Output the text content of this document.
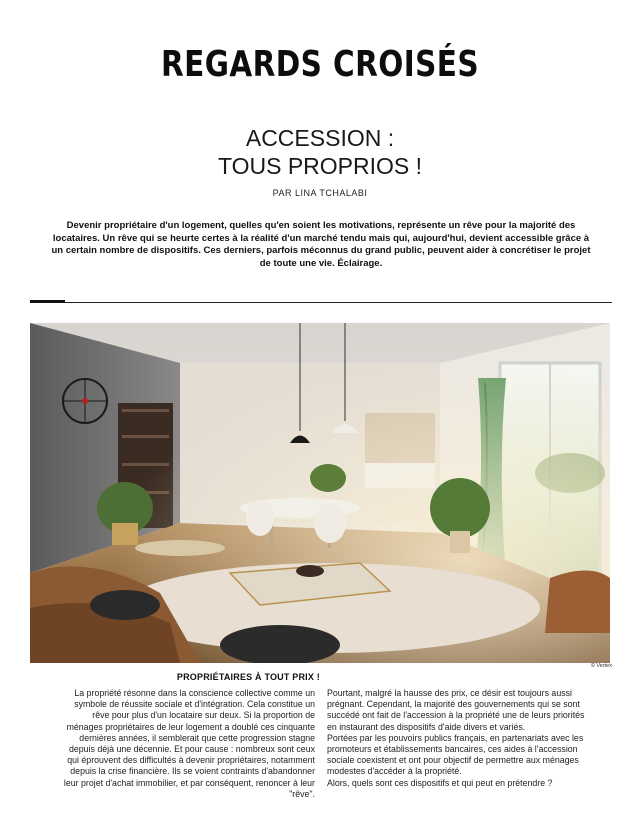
REGARDS CROISÉS
ACCESSION :
TOUS PROPRIOS !
PAR LINA TCHALABI
Devenir propriétaire d'un logement, quelles qu'en soient les motivations, représente un rêve pour la majorité des locataires. Un rêve qui se heurte certes à la réalité d'un marché tendu mais qui, aujourd'hui, devient accessible grâce à un certain nombre de dispositifs. Ces derniers, parfois méconnus du grand public, peuvent aider à concrétiser le projet de toute une vie. Éclairage.
© Vertex
PROPRIÉTAIRES À TOUT PRIX !
La propriété résonne dans la conscience collective comme un symbole de réussite sociale et d'intégration. Cela constitue un rêve pour plus d'un locataire sur deux. Si la proportion de ménages propriétaires de leur logement a doublé ces cinquante dernières années, il semblerait que cette progression stagne depuis déjà une décennie. Et pour cause : nombreux sont ceux qui éprouvent des difficultés à devenir propriétaires, notamment depuis la crise financière. Ils se voient contraints d'abandonner leur projet d'achat immobilier, et par conséquent, renoncer à leur "rêve".

Pourtant, malgré la hausse des prix, ce désir est toujours aussi prégnant. Cependant, la majorité des gouvernements qui se sont succédé ont fait de l'accession à la propriété une de leurs priorités en instaurant des dispositifs d'aide divers et variés.

Portées par les pouvoirs publics français, en partenariats avec les promoteurs et établissements bancaires, ces aides à l'accession sociale coexistent et ont pour objectif de permettre aux ménages modestes d'accéder à la propriété.

Alors, quels sont ces dispositifs et qui peut en prétendre ?
